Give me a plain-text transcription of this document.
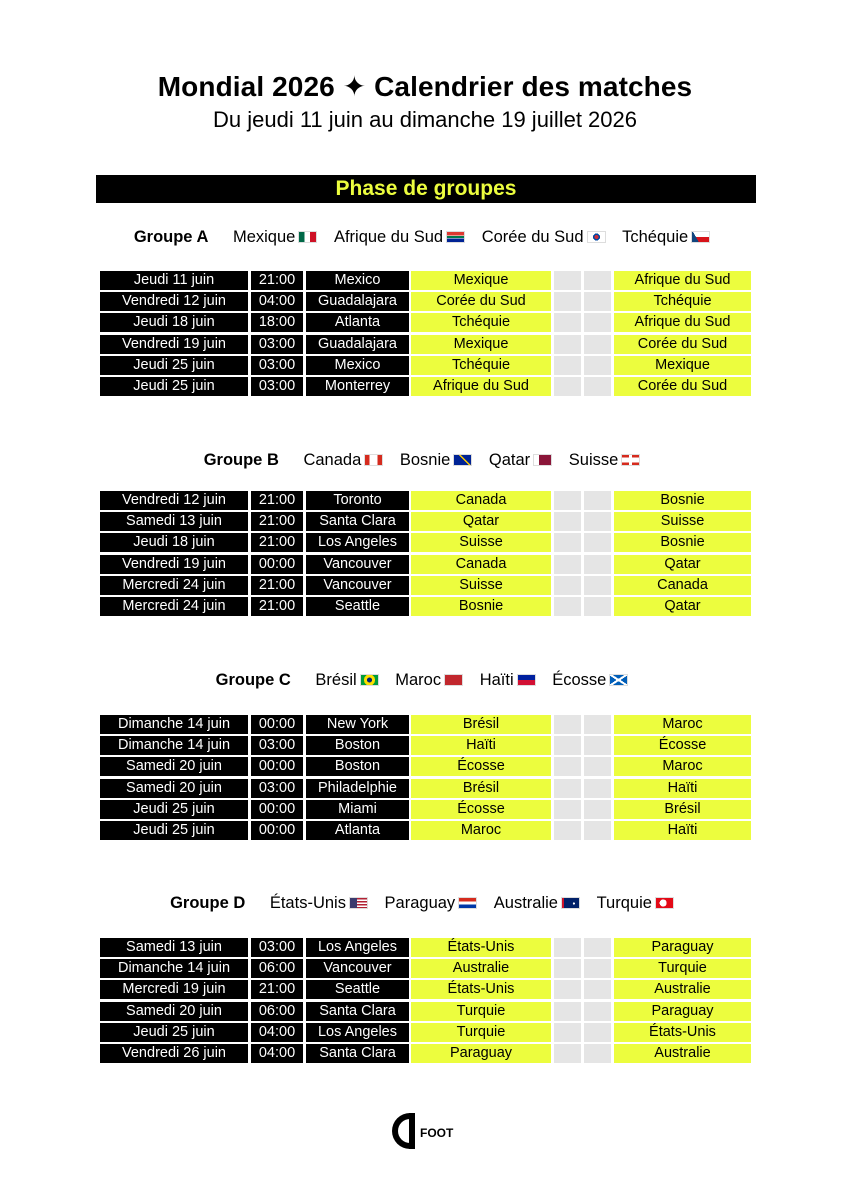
Mondial 2026 ✦ Calendrier des matches

Du jeudi 11 juin au dimanche 19 juillet 2026

Phase de groupes
Groupe A Mexique Afrique du Sud Corée du Sud Tchéquie
Jeudi 11 juin	21:00	Mexico	Mexique	Afrique du Sud
Vendredi 12 juin	04:00	Guadalajara	Corée du Sud	Tchéquie
Jeudi 18 juin	18:00	Atlanta	Tchéquie	Afrique du Sud
Vendredi 19 juin	03:00	Guadalajara	Mexique	Corée du Sud
Jeudi 25 juin	03:00	Mexico	Tchéquie	Mexique
Jeudi 25 juin	03:00	Monterrey	Afrique du Sud	Corée du Sud
Groupe B Canada Bosnie Qatar Suisse
Vendredi 12 juin	21:00	Toronto	Canada	Bosnie
Samedi 13 juin	21:00	Santa Clara	Qatar	Suisse
Jeudi 18 juin	21:00	Los Angeles	Suisse	Bosnie
Vendredi 19 juin	00:00	Vancouver	Canada	Qatar
Mercredi 24 juin	21:00	Vancouver	Suisse	Canada
Mercredi 24 juin	21:00	Seattle	Bosnie	Qatar
Groupe C Brésil Maroc Haïti Écosse
Dimanche 14 juin	00:00	New York	Brésil	Maroc
Dimanche 14 juin	03:00	Boston	Haïti	Écosse
Samedi 20 juin	00:00	Boston	Écosse	Maroc
Samedi 20 juin	03:00	Philadelphie	Brésil	Haïti
Jeudi 25 juin	00:00	Miami	Écosse	Brésil
Jeudi 25 juin	00:00	Atlanta	Maroc	Haïti
Groupe D États-Unis Paraguay Australie Turquie
Samedi 13 juin	03:00	Los Angeles	États-Unis	Paraguay
Dimanche 14 juin	06:00	Vancouver	Australie	Turquie
Mercredi 19 juin	21:00	Seattle	États-Unis	Australie
Samedi 20 juin	06:00	Santa Clara	Turquie	Paraguay
Jeudi 25 juin	04:00	Los Angeles	Turquie	États-Unis
Vendredi 26 juin	04:00	Santa Clara	Paraguay	Australie
FOOT
